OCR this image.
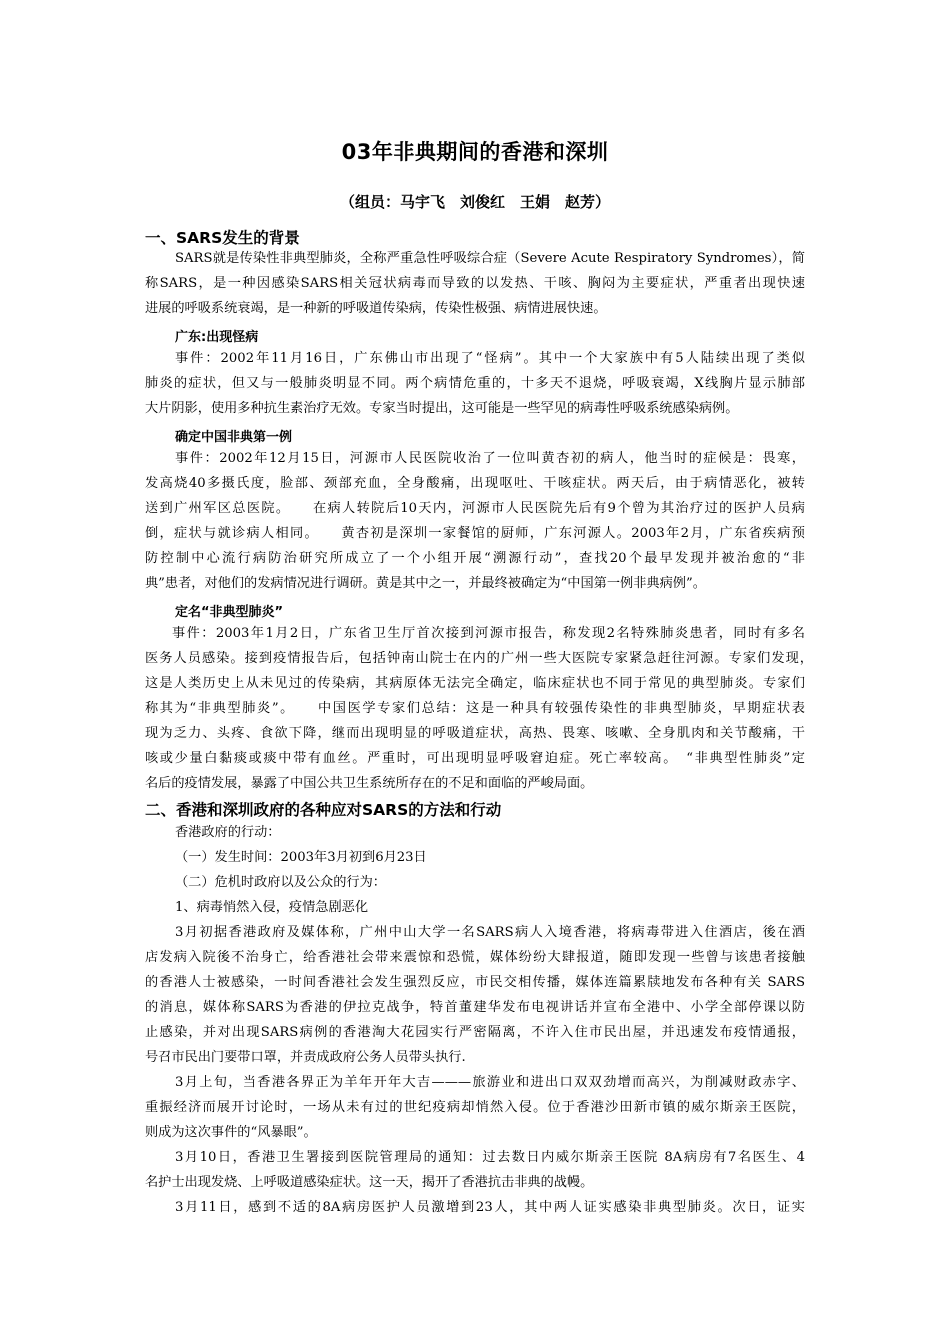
03年非典期间的香港和深圳
（组员：马宇飞　刘俊红　王娟　赵芳）
一、SARS发生的背景
SARS就是传染性非典型肺炎，全称严重急性呼吸综合症（Severe Acute Respiratory Syndromes），简
称SARS，是一种因感染SARS相关冠状病毒而导致的以发热、干咳、胸闷为主要症状，严重者出现快速
进展的呼吸系统衰竭，是一种新的呼吸道传染病，传染性极强、病情进展快速。
广东:出现怪病
事件：2002年11月16日，广东佛山市出现了“怪病”。其中一个大家族中有5人陆续出现了类似
肺炎的症状，但又与一般肺炎明显不同。两个病情危重的，十多天不退烧，呼吸衰竭，X线胸片显示肺部
大片阴影，使用多种抗生素治疗无效。专家当时提出，这可能是一些罕见的病毒性呼吸系统感染病例。
确定中国非典第一例
事件：2002年12月15日，河源市人民医院收治了一位叫黄杏初的病人，他当时的症候是：畏寒，
发高烧40多摄氏度，脸部、颈部充血，全身酸痛，出现呕吐、干咳症状。两天后，由于病情恶化，被转
送到广州军区总医院。　　在病人转院后10天内，河源市人民医院先后有9个曾为其治疗过的医护人员病
倒，症状与就诊病人相同。　　黄杏初是深圳一家餐馆的厨师，广东河源人。2003年2月，广东省疾病预
防控制中心流行病防治研究所成立了一个小组开展“溯源行动”，查找20个最早发现并被治愈的“非
典”患者，对他们的发病情况进行调研。黄是其中之一，并最终被确定为“中国第一例非典病例”。
定名“非典型肺炎”
事件：2003年1月2日，广东省卫生厅首次接到河源市报告，称发现2名特殊肺炎患者，同时有多名
医务人员感染。接到疫情报告后，包括钟南山院士在内的广州一些大医院专家紧急赶往河源。专家们发现，
这是人类历史上从未见过的传染病，其病原体无法完全确定，临床症状也不同于常见的典型肺炎。专家们
称其为“非典型肺炎”。　　中国医学专家们总结：这是一种具有较强传染性的非典型肺炎，早期症状表
现为乏力、头疼、食欲下降，继而出现明显的呼吸道症状，高热、畏寒、咳嗽、全身肌肉和关节酸痛，干
咳或少量白黏痰或痰中带有血丝。严重时，可出现明显呼吸窘迫症。死亡率较高。　“非典型性肺炎”定
名后的疫情发展，暴露了中国公共卫生系统所存在的不足和面临的严峻局面。
二、香港和深圳政府的各种应对SARS的方法和行动
香港政府的行动：
（一）发生时间：2003年3月初到6月23日
（二）危机时政府以及公众的行为：
1、病毒悄然入侵，疫情急剧恶化
3月初据香港政府及媒体称，广州中山大学一名SARS病人入境香港，将病毒带进入住酒店，後在酒
店发病入院後不治身亡，给香港社会带来震惊和恐慌，媒体纷纷大肆报道，随即发现一些曾与该患者接触
的香港人士被感染，一时间香港社会发生强烈反应，市民交相传播，媒体连篇累牍地发布各种有关 SARS
的消息，媒体称SARS为香港的伊拉克战争，特首董建华发布电视讲话并宣布全港中、小学全部停课以防
止感染，并对出现SARS病例的香港淘大花园实行严密隔离，不许入住市民出屋，并迅速发布疫情通报，
号召市民出门要带口罩，并责成政府公务人员带头执行.
3月上旬，当香港各界正为羊年开年大吉———旅游业和进出口双双劲增而高兴，为削减财政赤字、
重振经济而展开讨论时，一场从未有过的世纪疫病却悄然入侵。位于香港沙田新市镇的威尔斯亲王医院，
则成为这次事件的“风暴眼”。
3月10日，香港卫生署接到医院管理局的通知：过去数日内威尔斯亲王医院 8A病房有7名医生、4
名护士出现发烧、上呼吸道感染症状。这一天，揭开了香港抗击非典的战幔。
3月11日，感到不适的8A病房医护人员激增到23人，其中两人证实感染非典型肺炎。次日，证实
